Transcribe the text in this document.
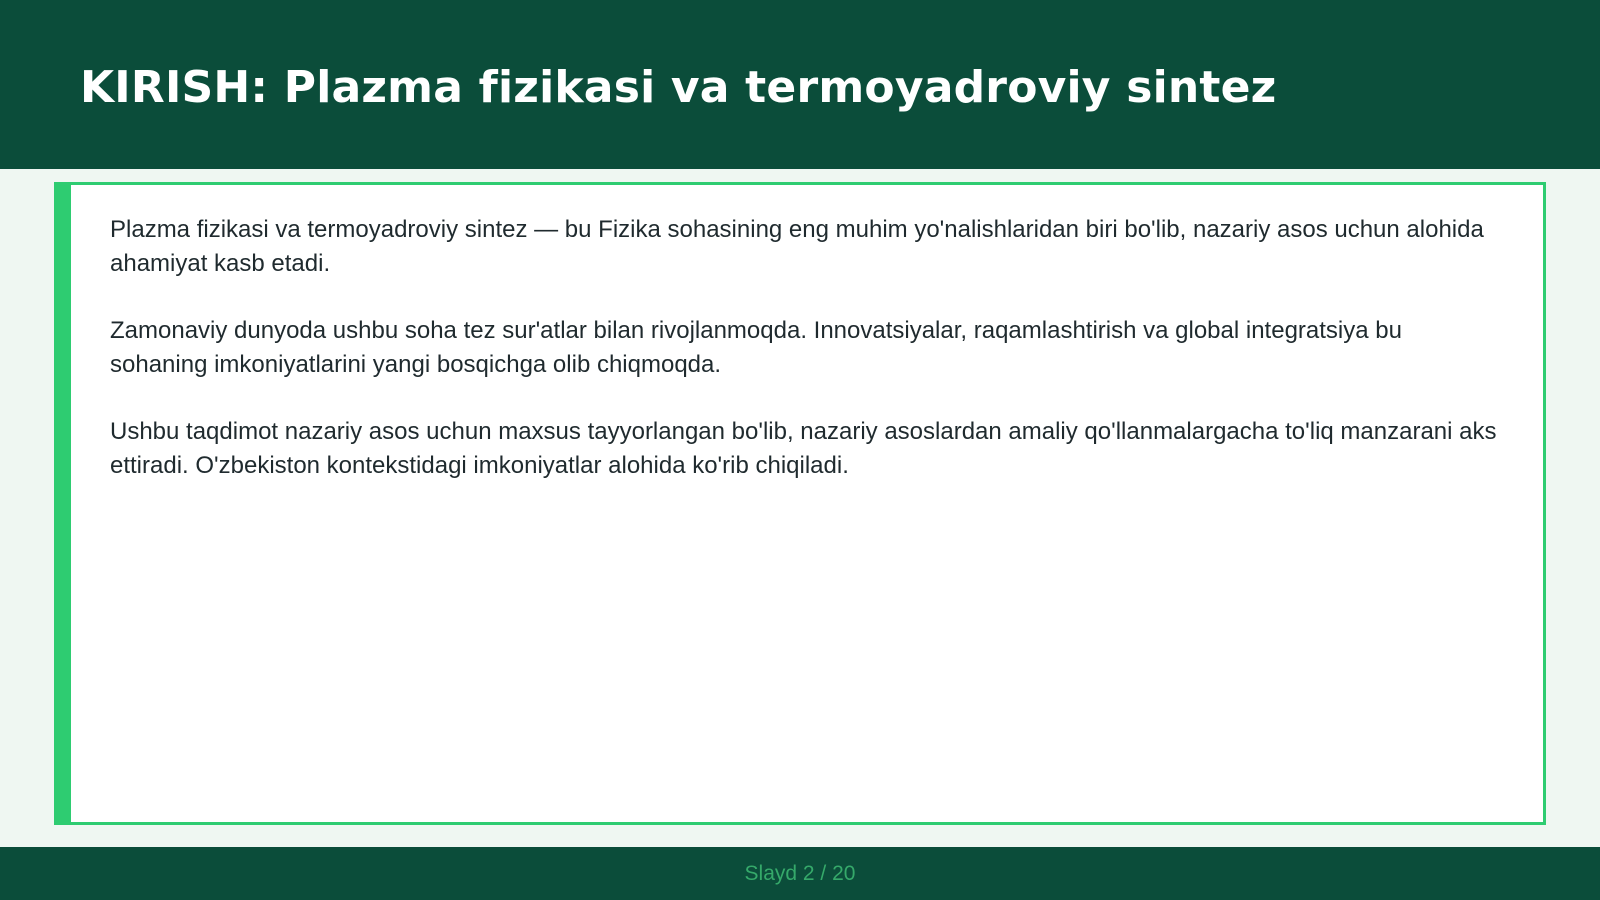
KIRISH: Plazma fizikasi va termoyadroviy sintez

Plazma fizikasi va termoyadroviy sintez — bu Fizika sohasining eng muhim yo'nalishlaridan biri bo'lib, nazariy asos uchun alohida ahamiyat kasb etadi.

Zamonaviy dunyoda ushbu soha tez sur'atlar bilan rivojlanmoqda. Innovatsiyalar, raqamlashtirish va global integratsiya bu sohaning imkoniyatlarini yangi bosqichga olib chiqmoqda.

Ushbu taqdimot nazariy asos uchun maxsus tayyorlangan bo'lib, nazariy asoslardan amaliy qo'llanmalargacha to'liq manzarani aks ettiradi. O'zbekiston kontekstidagi imkoniyatlar alohida ko'rib chiqiladi.

Slayd 2 / 20
